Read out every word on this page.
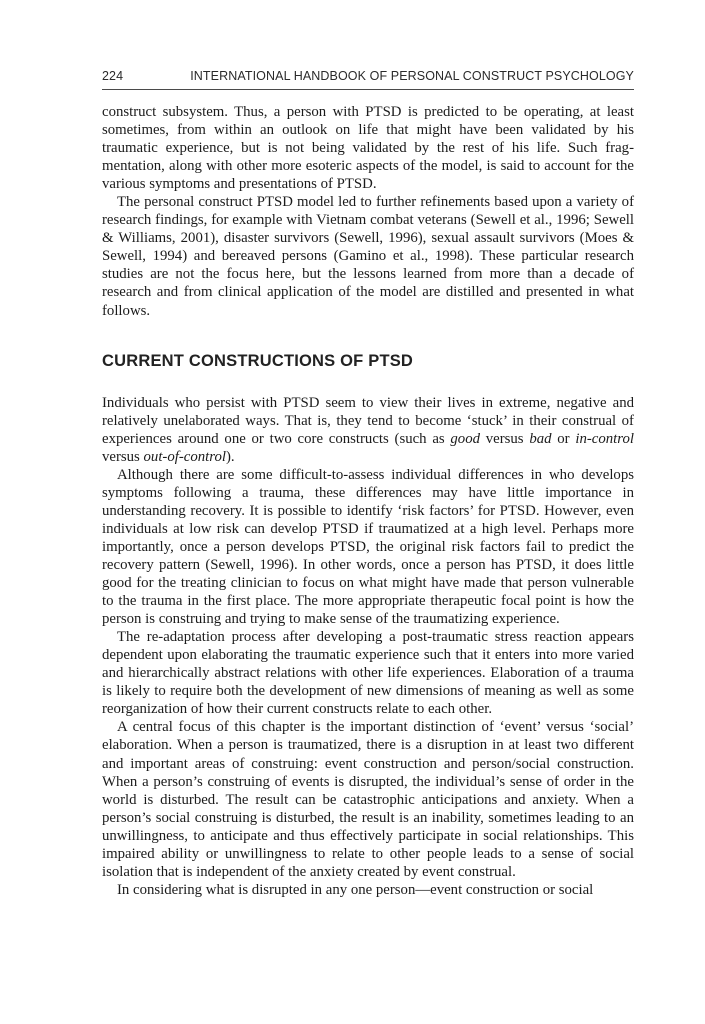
224	INTERNATIONAL HANDBOOK OF PERSONAL CONSTRUCT PSYCHOLOGY

construct subsystem. Thus, a person with PTSD is predicted to be operating, at least sometimes, from within an outlook on life that might have been validated by his traumatic experience, but is not being validated by the rest of his life. Such fragmentation, along with other more esoteric aspects of the model, is said to account for the various symptoms and presentations of PTSD.

The personal construct PTSD model led to further refinements based upon a variety of research findings, for example with Vietnam combat veterans (Sewell et al., 1996; Sewell & Williams, 2001), disaster survivors (Sewell, 1996), sexual assault survivors (Moes & Sewell, 1994) and bereaved persons (Gamino et al., 1998). These particular research studies are not the focus here, but the lessons learned from more than a decade of research and from clinical application of the model are distilled and presented in what follows.

CURRENT CONSTRUCTIONS OF PTSD

Individuals who persist with PTSD seem to view their lives in extreme, negative and relatively unelaborated ways. That is, they tend to become ‘stuck’ in their construal of experiences around one or two core constructs (such as good versus bad or in-control versus out-of-control).

Although there are some difficult-to-assess individual differences in who develops symptoms following a trauma, these differences may have little importance in understanding recovery. It is possible to identify ‘risk factors’ for PTSD. However, even individuals at low risk can develop PTSD if traumatized at a high level. Perhaps more importantly, once a person develops PTSD, the original risk factors fail to predict the recovery pattern (Sewell, 1996). In other words, once a person has PTSD, it does little good for the treating clinician to focus on what might have made that person vulnerable to the trauma in the first place. The more appropriate therapeutic focal point is how the person is construing and trying to make sense of the traumatizing experience.

The re-adaptation process after developing a post-traumatic stress reaction appears dependent upon elaborating the traumatic experience such that it enters into more varied and hierarchically abstract relations with other life experiences. Elaboration of a trauma is likely to require both the development of new dimensions of meaning as well as some reorganization of how their current constructs relate to each other.

A central focus of this chapter is the important distinction of ‘event’ versus ‘social’ elaboration. When a person is traumatized, there is a disruption in at least two different and important areas of construing: event construction and person/social construction. When a person’s construing of events is disrupted, the individual’s sense of order in the world is disturbed. The result can be catastrophic anticipations and anxiety. When a person’s social construing is disturbed, the result is an inability, sometimes leading to an unwillingness, to anticipate and thus effectively participate in social relationships. This impaired ability or unwillingness to relate to other people leads to a sense of social isolation that is independent of the anxiety created by event construal.

In considering what is disrupted in any one person—event construction or social
